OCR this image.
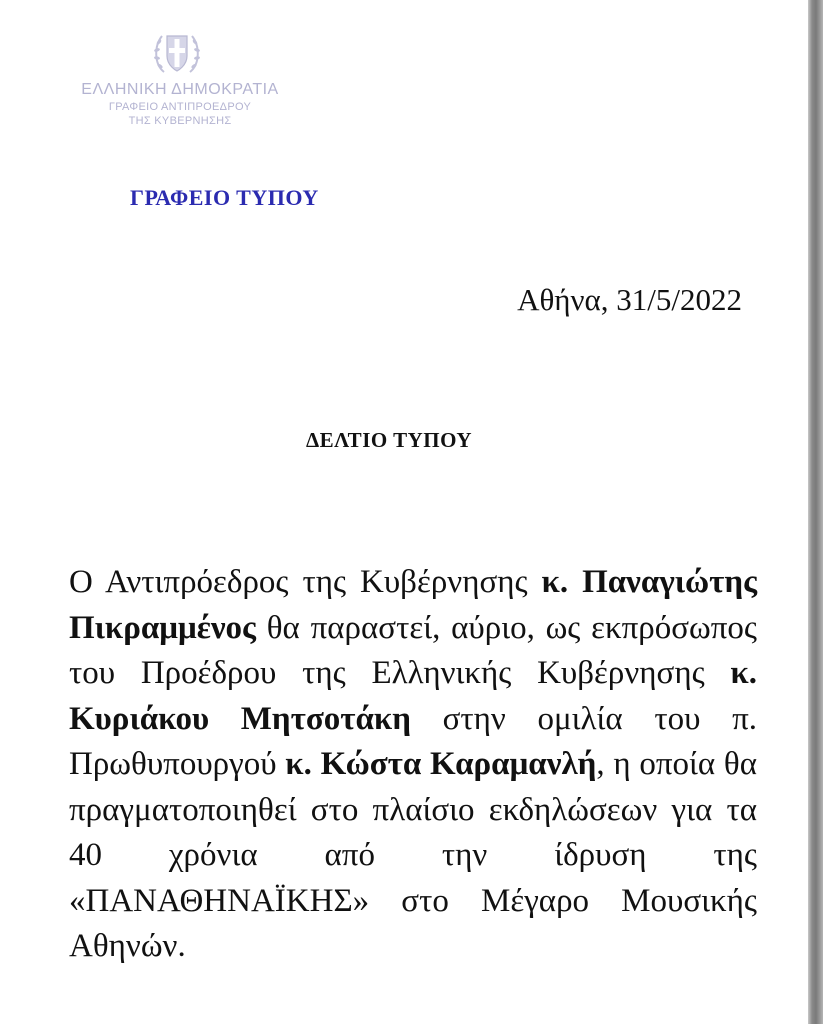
ΕΛΛΗΝΙΚΗ ΔΗΜΟΚΡΑΤΙΑ
ΓΡΑΦΕΙΟ ΑΝΤΙΠΡΟΕΔΡΟΥ
ΤΗΣ ΚΥΒΕΡΝΗΣΗΣ
ΓΡΑΦΕΙΟ ΤΥΠΟΥ
Αθήνα, 31/5/2022
ΔΕΛΤΙΟ ΤΥΠΟΥ
Ο Αντιπρόεδρος της Κυβέρνησης κ. Παναγιώτης Πικραμμένος θα παραστεί, αύριο, ως εκπρόσωπος του Προέδρου της Ελληνικής Κυβέρνησης κ. Κυριάκου Μητσοτάκη στην ομιλία του π. Πρωθυπουργού κ. Κώστα Καραμανλή, η οποία θα πραγματοποιηθεί στο πλαίσιο εκδηλώσεων για τα 40 χρόνια από την ίδρυση της «ΠΑΝΑΘΗΝΑΪΚΗΣ» στο Μέγαρο Μουσικής Αθηνών.
